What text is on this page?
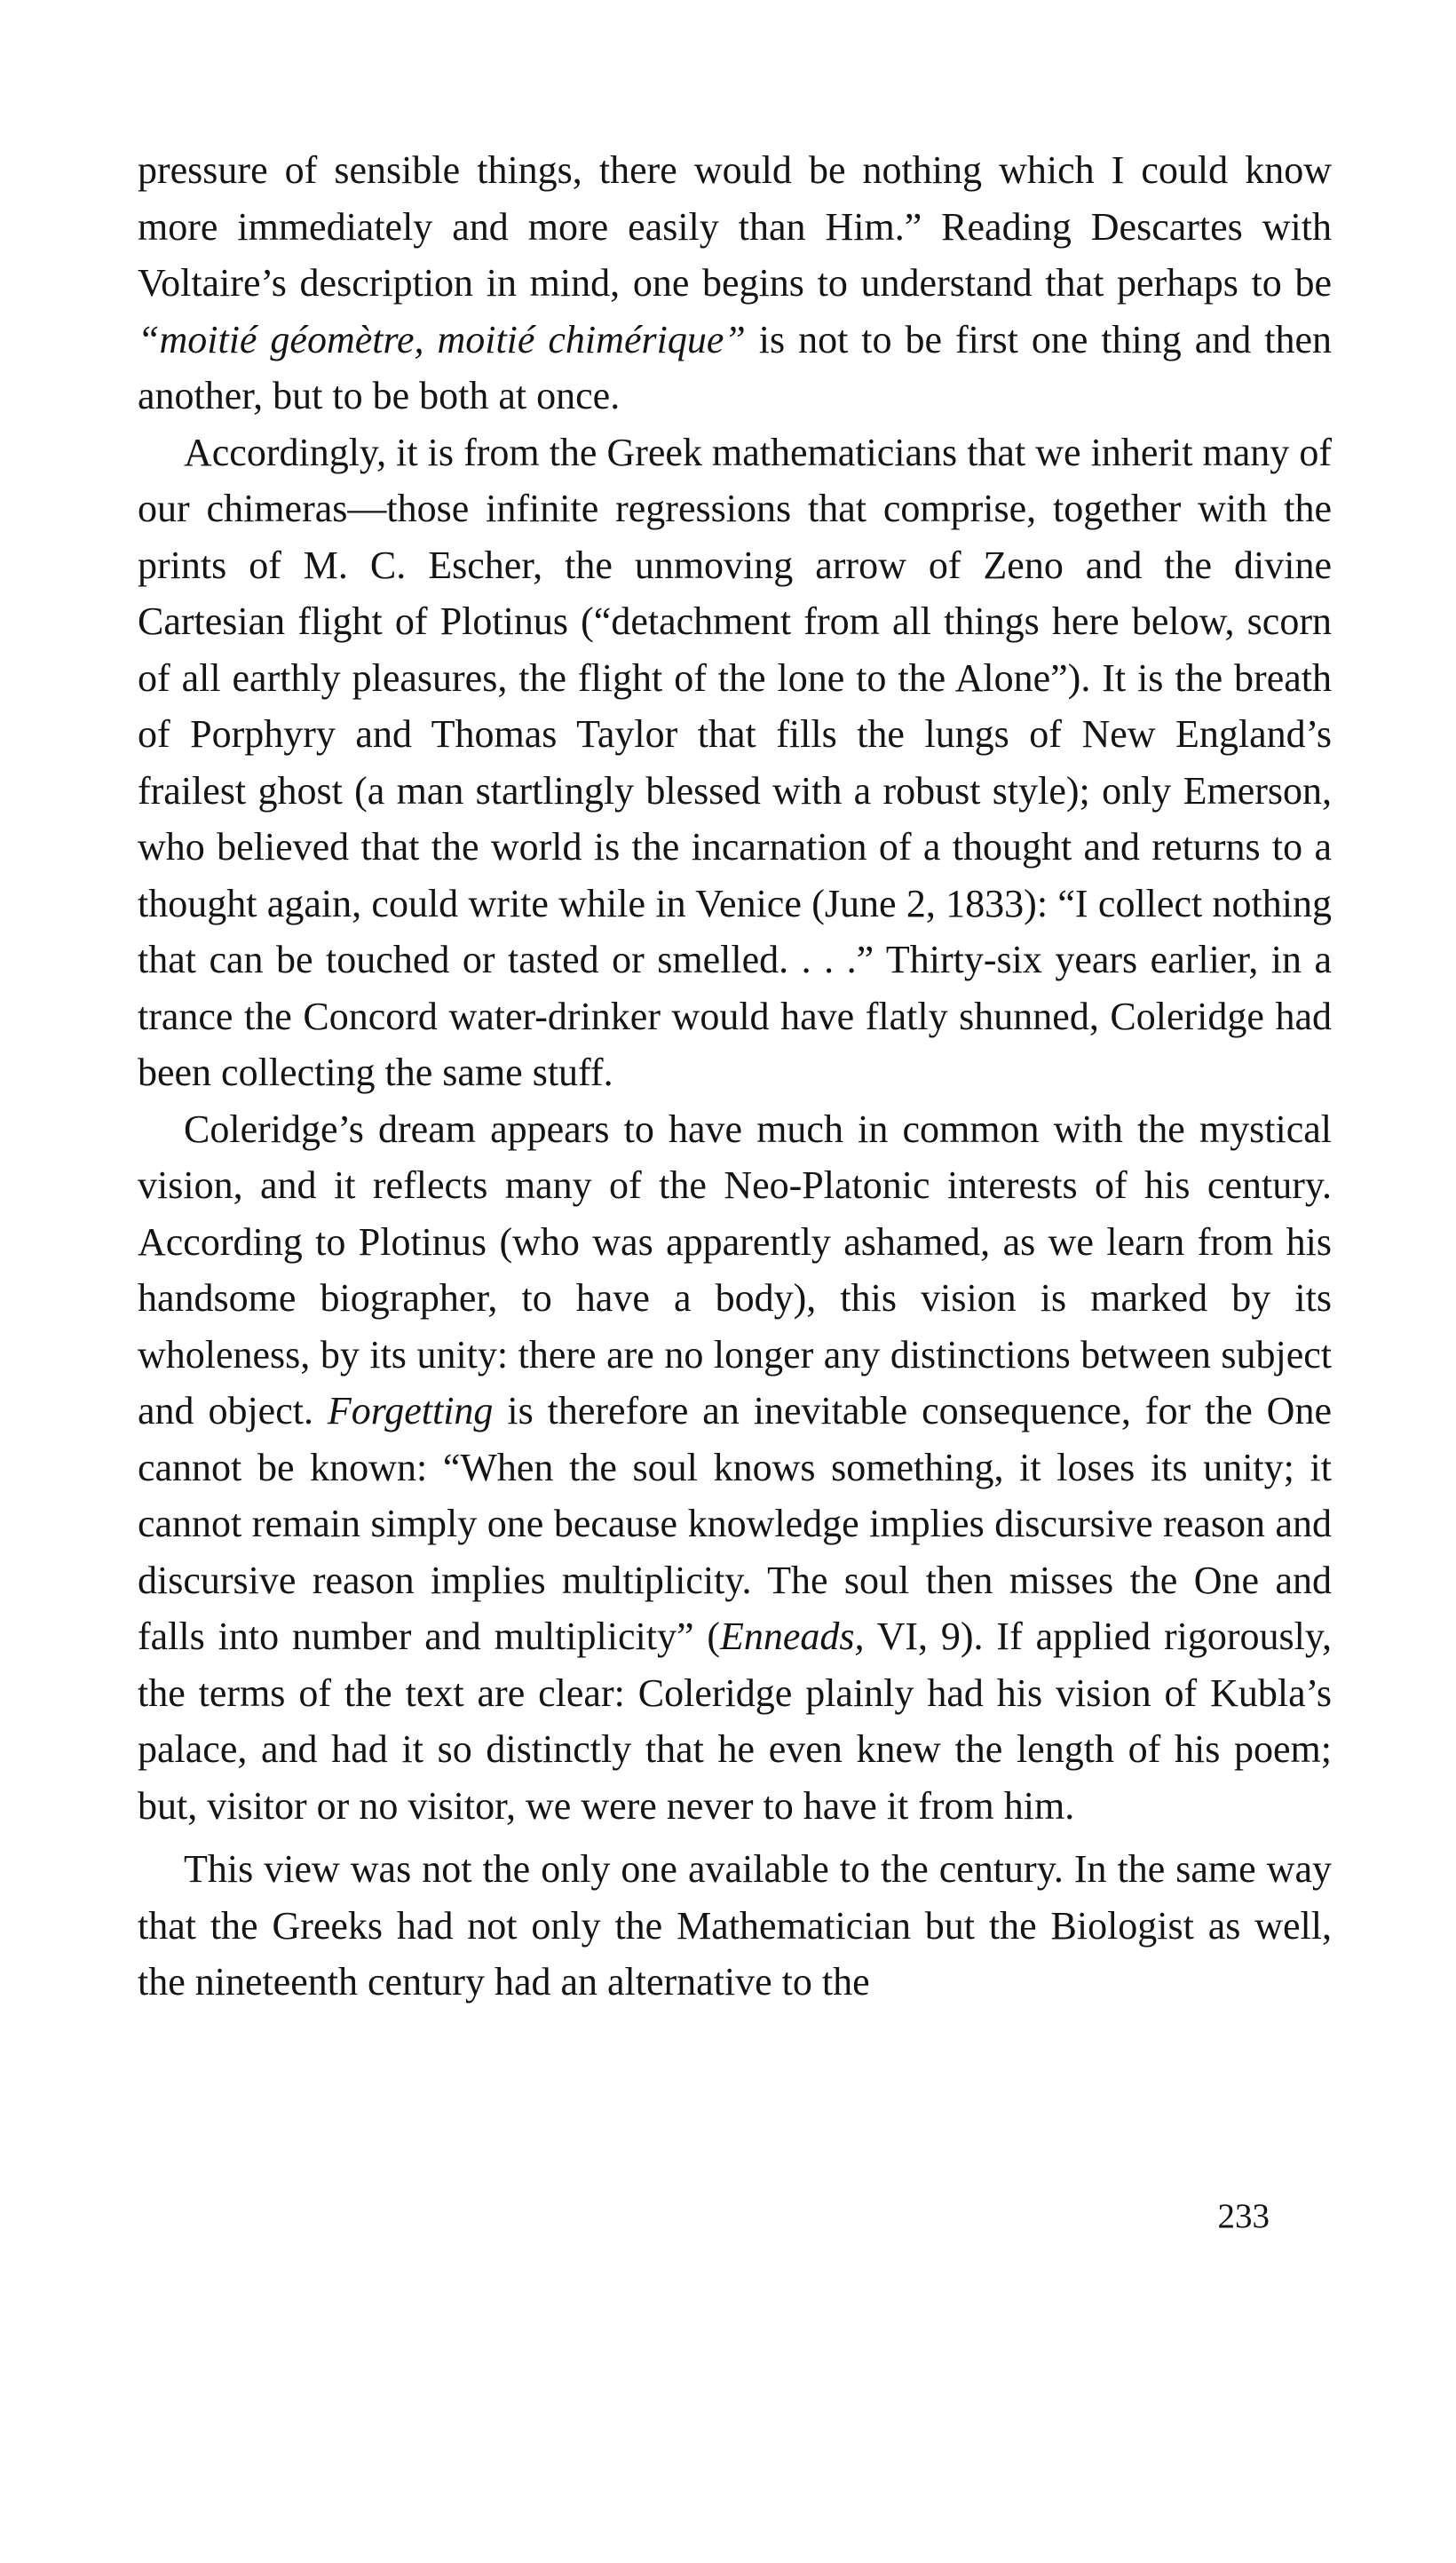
pressure of sensible things, there would be nothing which I could know more immediately and more easily than Him.” Reading Descartes with Voltaire’s description in mind, one begins to understand that perhaps to be “moitié géomètre, moitié chimérique” is not to be first one thing and then another, but to be both at once.

Accordingly, it is from the Greek mathematicians that we inherit many of our chimeras—those infinite regressions that comprise, together with the prints of M. C. Escher, the unmoving arrow of Zeno and the divine Cartesian flight of Plotinus (“detachment from all things here below, scorn of all earthly pleasures, the flight of the lone to the Alone”). It is the breath of Porphyry and Thomas Taylor that fills the lungs of New England’s frailest ghost (a man startlingly blessed with a robust style); only Emerson, who believed that the world is the incarnation of a thought and returns to a thought again, could write while in Venice (June 2, 1833): “I collect nothing that can be touched or tasted or smelled. . . .” Thirty-six years earlier, in a trance the Concord water-drinker would have flatly shunned, Coleridge had been collecting the same stuff.

Coleridge’s dream appears to have much in common with the mystical vision, and it reflects many of the Neo-Platonic interests of his century. According to Plotinus (who was apparently ashamed, as we learn from his handsome biographer, to have a body), this vision is marked by its wholeness, by its unity: there are no longer any distinctions between subject and object. Forgetting is therefore an inevitable consequence, for the One cannot be known: “When the soul knows something, it loses its unity; it cannot remain simply one because knowledge implies discursive reason and discursive reason implies multiplicity. The soul then misses the One and falls into number and multiplicity” (Enneads, VI, 9). If applied rigorously, the terms of the text are clear: Coleridge plainly had his vision of Kubla’s palace, and had it so distinctly that he even knew the length of his poem; but, visitor or no visitor, we were never to have it from him.

This view was not the only one available to the century. In the same way that the Greeks had not only the Mathematician but the Biologist as well, the nineteenth century had an alternative to the

233
